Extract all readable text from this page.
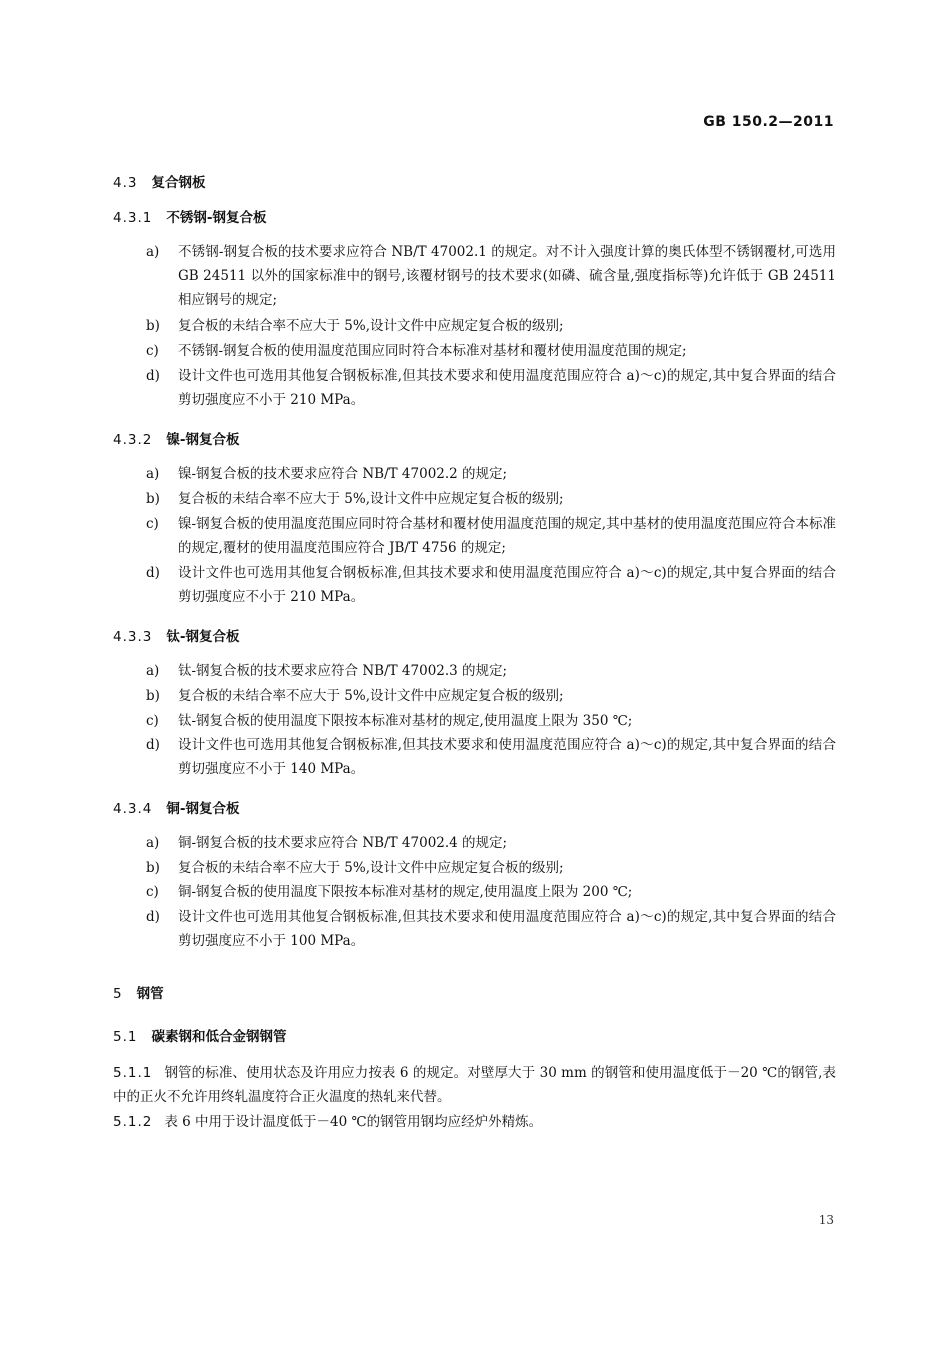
GB 150.2—2011
4.3 复合钢板
4.3.1 不锈钢-钢复合板
a) 不锈钢-钢复合板的技术要求应符合 NB/T 47002.1 的规定。对不计入强度计算的奥氏体型不锈钢覆材,可选用 GB 24511 以外的国家标准中的钢号,该覆材钢号的技术要求(如磷、硫含量,强度指标等)允许低于 GB 24511 相应钢号的规定;
b) 复合板的未结合率不应大于 5%,设计文件中应规定复合板的级别;
c) 不锈钢-钢复合板的使用温度范围应同时符合本标准对基材和覆材使用温度范围的规定;
d) 设计文件也可选用其他复合钢板标准,但其技术要求和使用温度范围应符合 a)～c)的规定,其中复合界面的结合剪切强度应不小于 210 MPa。
4.3.2 镍-钢复合板
a) 镍-钢复合板的技术要求应符合 NB/T 47002.2 的规定;
b) 复合板的未结合率不应大于 5%,设计文件中应规定复合板的级别;
c) 镍-钢复合板的使用温度范围应同时符合基材和覆材使用温度范围的规定,其中基材的使用温度范围应符合本标准的规定,覆材的使用温度范围应符合 JB/T 4756 的规定;
d) 设计文件也可选用其他复合钢板标准,但其技术要求和使用温度范围应符合 a)～c)的规定,其中复合界面的结合剪切强度应不小于 210 MPa。
4.3.3 钛-钢复合板
a) 钛-钢复合板的技术要求应符合 NB/T 47002.3 的规定;
b) 复合板的未结合率不应大于 5%,设计文件中应规定复合板的级别;
c) 钛-钢复合板的使用温度下限按本标准对基材的规定,使用温度上限为 350 ℃;
d) 设计文件也可选用其他复合钢板标准,但其技术要求和使用温度范围应符合 a)～c)的规定,其中复合界面的结合剪切强度应不小于 140 MPa。
4.3.4 铜-钢复合板
a) 铜-钢复合板的技术要求应符合 NB/T 47002.4 的规定;
b) 复合板的未结合率不应大于 5%,设计文件中应规定复合板的级别;
c) 铜-钢复合板的使用温度下限按本标准对基材的规定,使用温度上限为 200 ℃;
d) 设计文件也可选用其他复合钢板标准,但其技术要求和使用温度范围应符合 a)～c)的规定,其中复合界面的结合剪切强度应不小于 100 MPa。
5 钢管
5.1 碳素钢和低合金钢钢管
5.1.1 钢管的标准、使用状态及许用应力按表 6 的规定。对壁厚大于 30 mm 的钢管和使用温度低于－20 ℃的钢管,表中的正火不允许用终轧温度符合正火温度的热轧来代替。
5.1.2 表 6 中用于设计温度低于－40 ℃的钢管用钢均应经炉外精炼。
13
